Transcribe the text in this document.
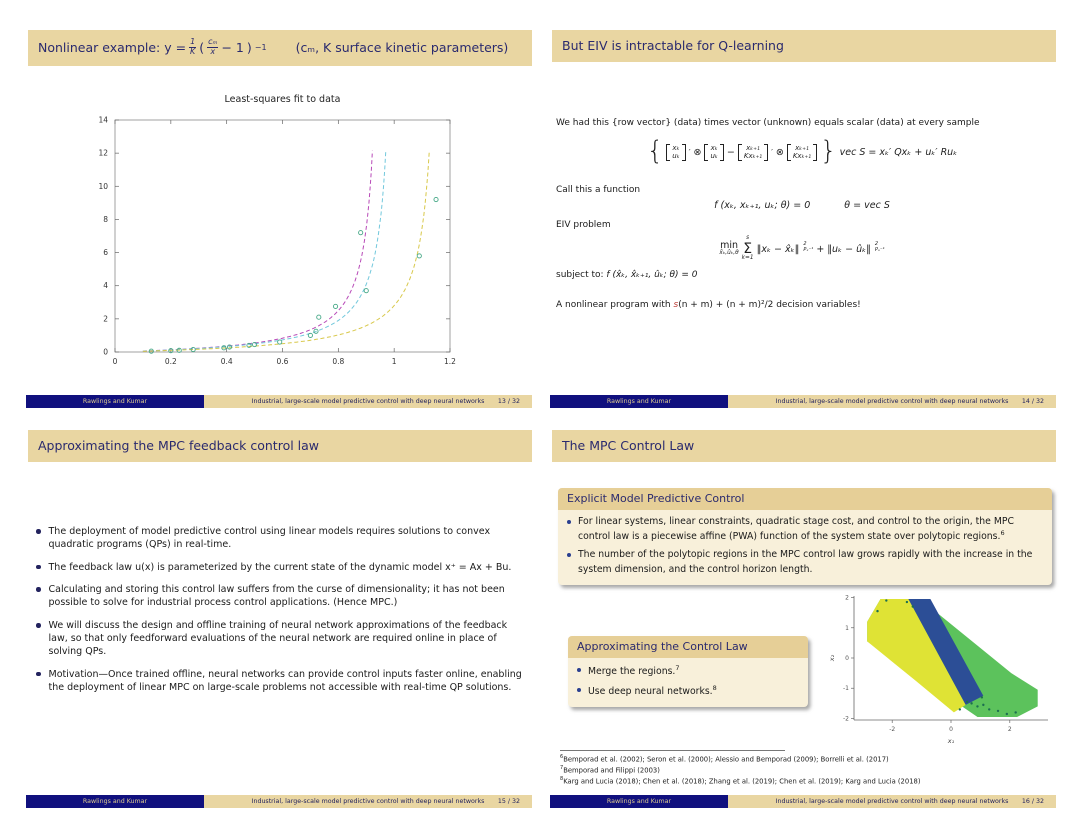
Nonlinear example: $y = \frac{1}{K}$ ( $\frac{\text{cₘ}}{x} - 1$ ) −1 (cₘ, K surface kinetic parameters)
Least-squares fit to data
0	0.2	0.4	0.6	0.8	1	1.2
0
2
4
6
8
10
12
14
Rawlings and Kumar	Industrial, large-scale model predictive control with deep neural networks 13 / 32
But EIV is intractable for Q-learning
We had this {row vector} (data) times vector (unknown) equals scalar (data) at every sample
{ xₖ
uₖ ′ ⊗ xₖ
uₖ − xₖ₊₁
Kxₖ₊₁ ′ ⊗ xₖ₊₁
Kxₖ₊₁ } vec S = xₖ′ Qxₖ + uₖ′ Ruₖ
Call this a function
f (xₖ, xₖ₊₁, uₖ; θ) = 0	θ = vec S
EIV problem
min
x̂ₖ,ûₖ,θ
s
Σ
k=1
‖xₖ − x̂ₖ‖ 2
Pₓ⁻¹ + ‖uₖ − ûₖ‖ 2
Pᵤ⁻¹
subject to: f (x̂ₖ, x̂ₖ₊₁, ûₖ; θ) = 0
A nonlinear program with s(n + m) + (n + m)²/2 decision variables!
Rawlings and Kumar	Industrial, large-scale model predictive control with deep neural networks 14 / 32
Approximating the MPC feedback control law
The deployment of model predictive control using linear models requires solutions to convex quadratic programs (QPs) in real-time.
The feedback law u(x) is parameterized by the current state of the dynamic model x⁺ = Ax + Bu.
Calculating and storing this control law suffers from the curse of dimensionality; it has not been possible to solve for industrial process control applications. (Hence MPC.)
We will discuss the design and offline training of neural network approximations of the feedback law, so that only feedforward evaluations of the neural network are required online in place of solving QPs.
Motivation—Once trained offline, neural networks can provide control inputs faster online, enabling the deployment of linear MPC on large-scale problems not accessible with real-time QP solutions.
Rawlings and Kumar	Industrial, large-scale model predictive control with deep neural networks 15 / 32
The MPC Control Law
Explicit Model Predictive Control
For linear systems, linear constraints, quadratic stage cost, and control to the origin, the MPC control law is a piecewise affine (PWA) function of the system state over polytopic regions.$^6$
The number of the polytopic regions in the MPC control law grows rapidly with the increase in the system dimension, and the control horizon length.
Approximating the Control Law
Merge the regions.$^7$
Use deep neural networks.$^8$
-2	0	2
-2
-1
0
1
2
x₁
x₂
$^6$Bemporad et al. (2002); Seron et al. (2000); Alessio and Bemporad (2009); Borrelli et al. (2017)
$^7$Bemporad and Filippi (2003)
$^8$Karg and Lucia (2018); Chen et al. (2018); Zhang et al. (2019); Chen et al. (2019); Karg and Lucia (2018)
Rawlings and Kumar	Industrial, large-scale model predictive control with deep neural networks 16 / 32
